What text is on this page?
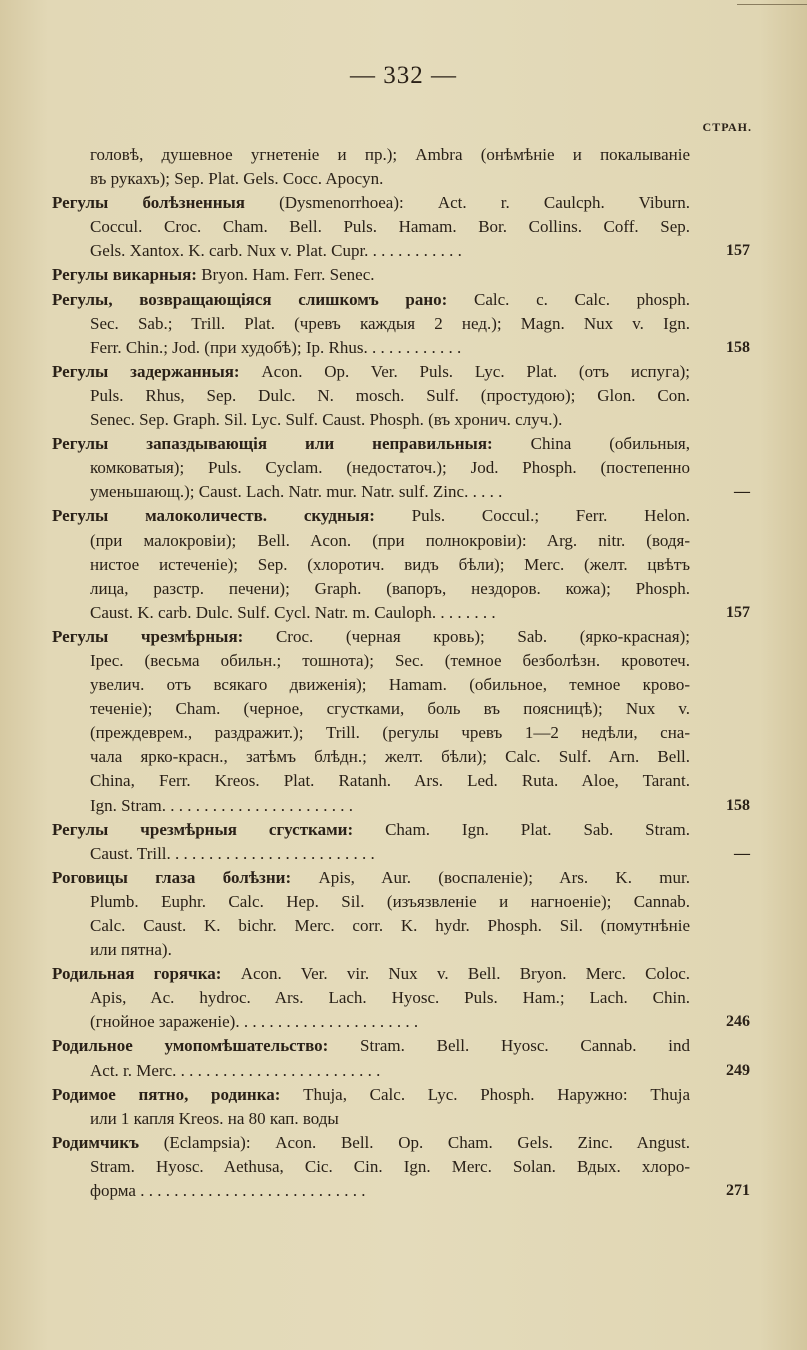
— 332 —
СТРАН.
головѣ, душевное угнетеніе и пр.); Ambra (онѣмѣніе и покалываніе
въ рукахъ); Sep. Plat. Gels. Cocc. Apocyn.
Регулы болѣзненныя (Dysmenorrhoea): Act. r. Caulcph. Viburn.
Coccul. Croc. Cham. Bell. Puls. Hamam. Bor. Collins. Coff. Sep.
Gels. Xantox. K. carb. Nux v. Plat. Cupr. . . . . . . . . . . .	157
Регулы викарныя: Bryon. Ham. Ferr. Senec.
Регулы, возвращающіяся слишкомъ рано: Calc. c. Calc. phosph.
Sec. Sab.; Trill. Plat. (чревъ каждыя 2 нед.); Magn. Nux v. Ign.
Ferr. Chin.; Jod. (при худобѣ); Ip. Rhus. . . . . . . . . . . .	158
Регулы задержанныя: Acon. Op. Ver. Puls. Lyc. Plat. (отъ испуга);
Puls. Rhus, Sep. Dulc. N. mosch. Sulf. (простудою); Glon. Con.
Senec. Sep. Graph. Sil. Lyc. Sulf. Caust. Phosph. (въ хронич. случ.).
Регулы запаздывающія или неправильныя: China (обильныя,
комковатыя); Puls. Cyclam. (недостаточ.); Jod. Phosph. (постепенно
уменьшающ.); Caust. Lach. Natr. mur. Natr. sulf. Zinc. . . . .	—
Регулы малоколичеств. скудныя: Puls. Coccul.; Ferr. Helon.
(при малокровіи); Bell. Acon. (при полнокровіи): Arg. nitr. (водя-
нистое истеченіе); Sep. (хлоротич. видъ бѣли); Merc. (желт. цвѣтъ
лица, разстр. печени); Graph. (вапоръ, нездоров. кожа); Phosph.
Caust. K. carb. Dulc. Sulf. Cycl. Natr. m. Cauloph. . . . . . . .	157
Регулы чрезмѣрныя: Croc. (черная кровь); Sab. (ярко-красная);
Ipec. (весьма обильн.; тошнота); Sec. (темное безболѣзн. кровотеч.
увелич. отъ всякаго движенія); Hamam. (обильное, темное крово-
теченіе); Cham. (черное, сгустками, боль въ поясницѣ); Nux v.
(преждеврем., раздражит.); Trill. (регулы чревъ 1—2 недѣли, сна-
чала ярко-красн., затѣмъ блѣдн.; желт. бѣли); Calc. Sulf. Arn. Bell.
China, Ferr. Kreos. Plat. Ratanh. Ars. Led. Ruta. Aloe, Tarant.
Ign. Stram. . . . . . . . . . . . . . . . . . . . . . .	158
Регулы чрезмѣрныя сгустками: Cham. Ign. Plat. Sab. Stram.
Caust. Trill. . . . . . . . . . . . . . . . . . . . . . . . .	—
Роговицы глаза болѣзни: Apis, Aur. (воспаленіе); Ars. K. mur.
Plumb. Euphr. Calc. Hep. Sil. (изъязвленіе и нагноеніе); Cannab.
Calc. Caust. K. bichr. Merc. corr. K. hydr. Phosph. Sil. (помутнѣніе
или пятна).
Родильная горячка: Acon. Ver. vir. Nux v. Bell. Bryon. Merc. Coloc.
Apis, Ac. hydroc. Ars. Lach. Hyosc. Puls. Ham.; Lach. Chin.
(гнойное зараженіе). . . . . . . . . . . . . . . . . . . . . .	246
Родильное умопомѣшательство: Stram. Bell. Hyosc. Cannab. ind
Act. r. Merc. . . . . . . . . . . . . . . . . . . . . . . . .	249
Родимое пятно, родинка: Thuja, Calc. Lyc. Phosph. Наружно: Thuja
или 1 капля Kreos. на 80 кап. воды
Родимчикъ (Eclampsia): Acon. Bell. Op. Cham. Gels. Zinc. Angust.
Stram. Hyosc. Aethusa, Cic. Cin. Ign. Merc. Solan. Вдых. хлоро-
форма . . . . . . . . . . . . . . . . . . . . . . . . . . .	271
